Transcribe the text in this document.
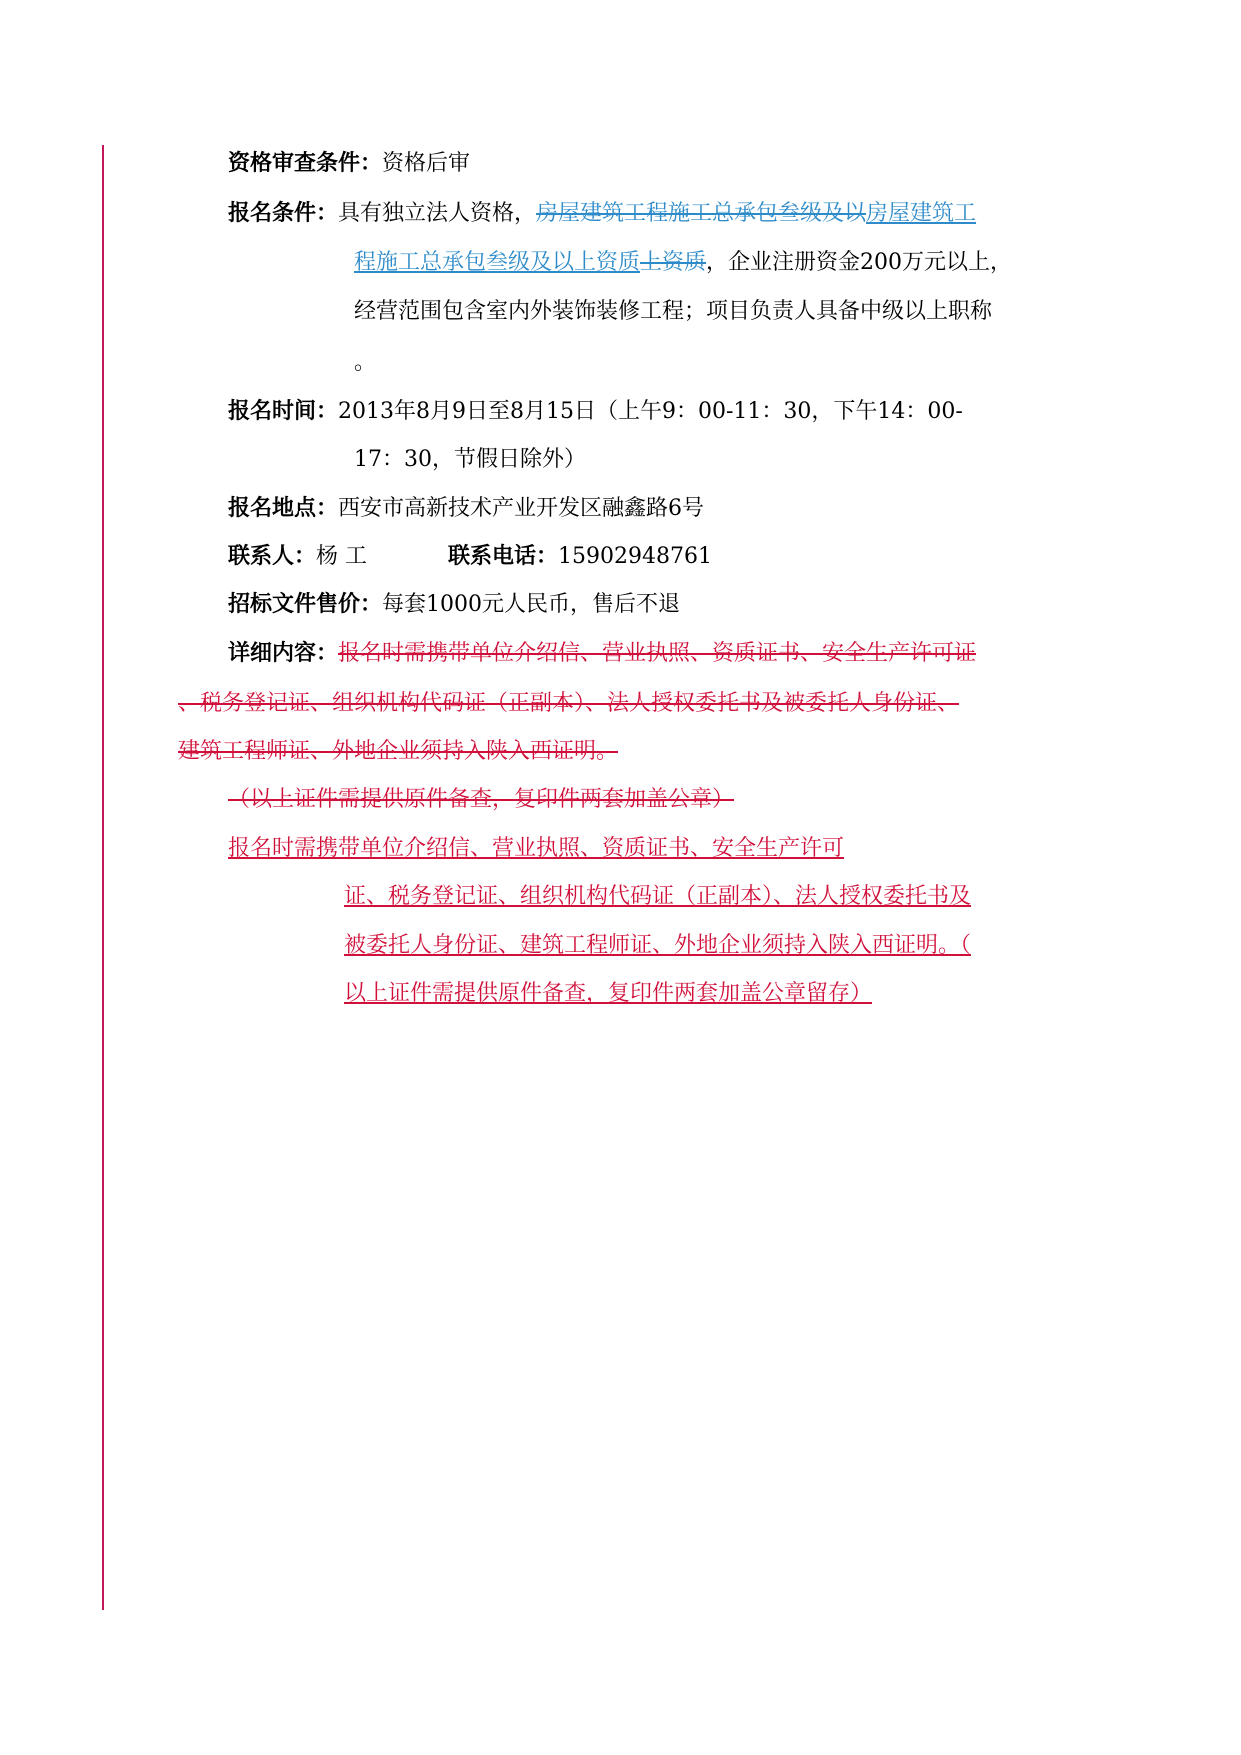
资格审查条件：资格后审
报名条件：具有独立法人资格，房屋建筑工程施工总承包叁级及以房屋建筑工
程施工总承包叁级及以上资质上资质，企业注册资金200万元以上，
经营范围包含室内外装饰装修工程；项目负责人具备中级以上职称
。
报名时间：2013年8月9日至8月15日（上午9：00-11：30，下午14：00-
17：30，节假日除外）
报名地点：西安市高新技术产业开发区融鑫路6号
联系人：杨 工	联系电话：15902948761
招标文件售价：每套1000元人民币，售后不退
详细内容：报名时需携带单位介绍信、营业执照、资质证书、安全生产许可证
、税务登记证、组织机构代码证（正副本）、法人授权委托书及被委托人身份证、
建筑工程师证、外地企业须持入陕入西证明。
（以上证件需提供原件备查，复印件两套加盖公章）
报名时需携带单位介绍信、营业执照、资质证书、安全生产许可
证、税务登记证、组织机构代码证（正副本）、法人授权委托书及
被委托人身份证、建筑工程师证、外地企业须持入陕入西证明。（
以上证件需提供原件备查，复印件两套加盖公章留存）
